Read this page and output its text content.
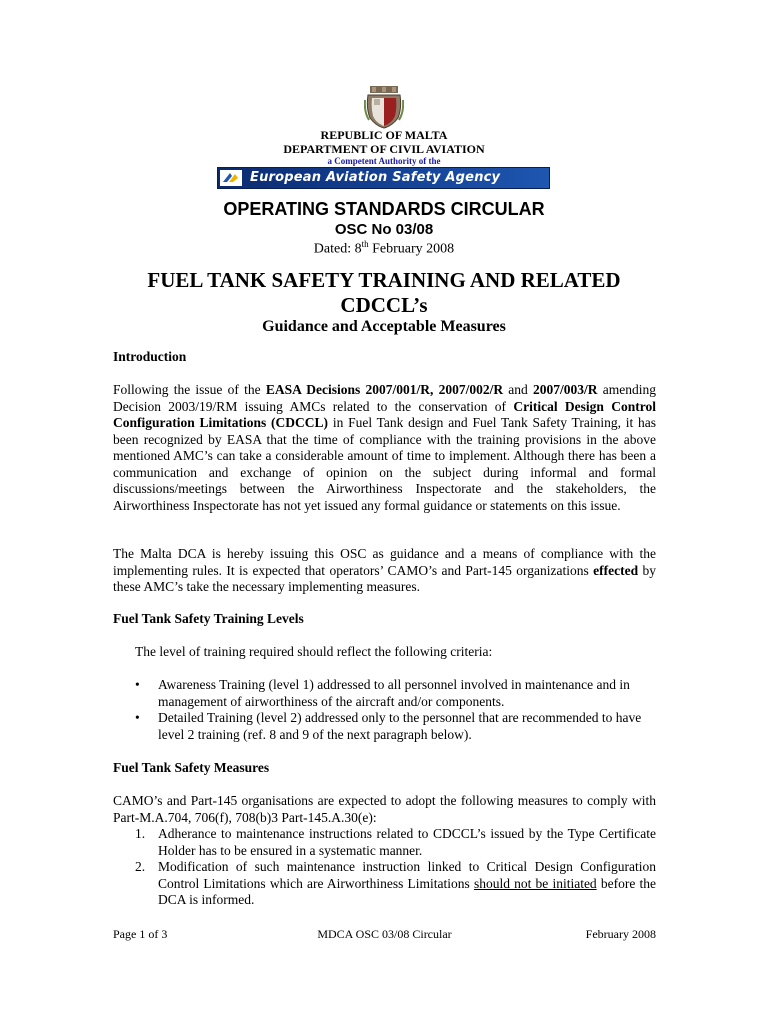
REPUBLIC OF MALTA
DEPARTMENT OF CIVIL AVIATION
a Competent Authority of the
European Aviation Safety Agency
OPERATING STANDARDS CIRCULAR
OSC No 03/08
Dated: 8th February 2008
FUEL TANK SAFETY TRAINING AND RELATED
CDCCL’s
Guidance and Acceptable Measures
Introduction
Following the issue of the EASA Decisions 2007/001/R, 2007/002/R and 2007/003/R amending Decision 2003/19/RM issuing AMCs related to the conservation of Critical Design Control Configuration Limitations (CDCCL) in Fuel Tank design and Fuel Tank Safety Training, it has been recognized by EASA that the time of compliance with the training provisions in the above mentioned AMC’s can take a considerable amount of time to implement. Although there has been a communication and exchange of opinion on the subject during informal and formal discussions/meetings between the Airworthiness Inspectorate and the stakeholders, the Airworthiness Inspectorate has not yet issued any formal guidance or statements on this issue.
The Malta DCA is hereby issuing this OSC as guidance and a means of compliance with the implementing rules. It is expected that operators’ CAMO’s and Part-145 organizations effected by these AMC’s take the necessary implementing measures.
Fuel Tank Safety Training Levels
The level of training required should reflect the following criteria:
• Awareness Training (level 1) addressed to all personnel involved in maintenance and in management of airworthiness of the aircraft and/or components.
• Detailed Training (level 2) addressed only to the personnel that are recommended to have level 2 training (ref. 8 and 9 of the next paragraph below).
Fuel Tank Safety Measures
CAMO’s and Part-145 organisations are expected to adopt the following measures to comply with Part-M.A.704, 706(f), 708(b)3 Part-145.A.30(e):
1. Adherance to maintenance instructions related to CDCCL’s issued by the Type Certificate Holder has to be ensured in a systematic manner.
2. Modification of such maintenance instruction linked to Critical Design Configuration Control Limitations which are Airworthiness Limitations should not be initiated before the DCA is informed.
Page 1 of 3	MDCA OSC 03/08 Circular	February 2008
